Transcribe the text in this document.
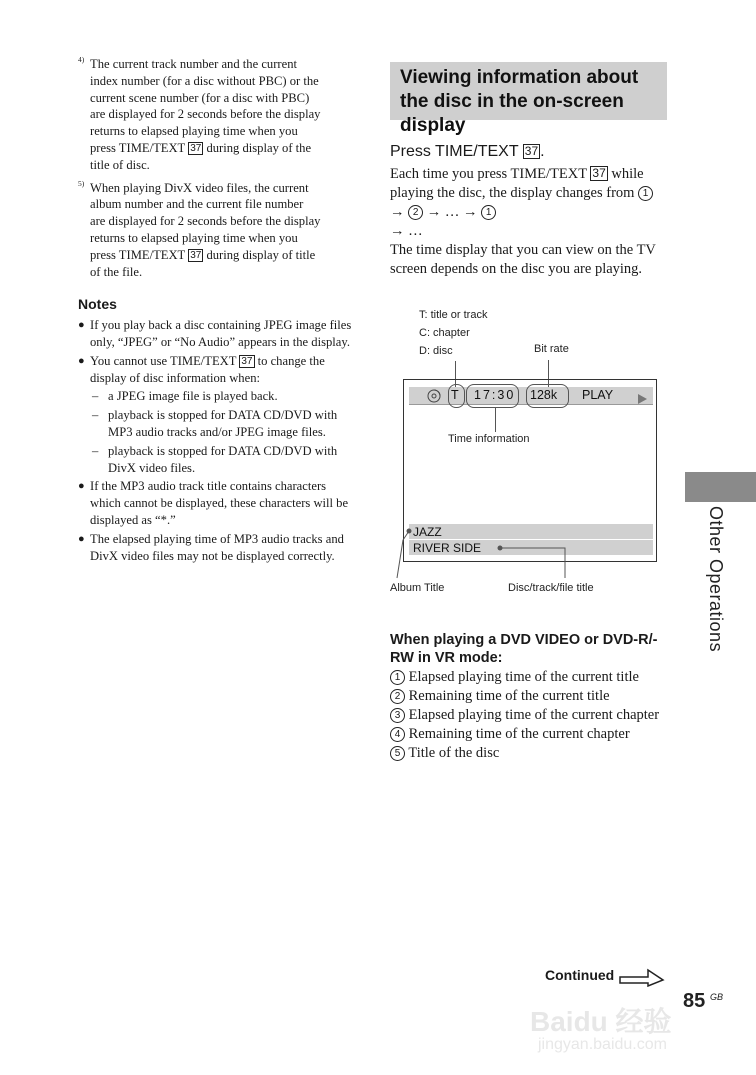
4) The current track number and the current
index number (for a disc without PBC) or the
current scene number (for a disc with PBC)
are displayed for 2 seconds before the display
returns to elapsed playing time when you
press TIME/TEXT 37 during display of the
title of disc.
5) When playing DivX video files, the current
album number and the current file number
are displayed for 2 seconds before the display
returns to elapsed playing time when you
press TIME/TEXT 37 during display of title
of the file.
Notes
● If you play back a disc containing JPEG image files only, “JPEG” or “No Audio” appears in the display.
● You cannot use TIME/TEXT 37 to change the display of disc information when:
– a JPEG image file is played back.
– playback is stopped for DATA CD/DVD with MP3 audio tracks and/or JPEG image files.
– playback is stopped for DATA CD/DVD with DivX video files.
● If the MP3 audio track title contains characters which cannot be displayed, these characters will be displayed as “*.”
● The elapsed playing time of MP3 audio tracks and DivX video files may not be displayed correctly.
Viewing information about the disc in the on-screen display
Press TIME/TEXT 37 .

Each time you press TIME/TEXT 37 while playing the disc, the display changes from 1 → 2 → … → 1
→ …

The time display that you can view on the TV screen depends on the disc you are playing.

T: title or track
C: chapter
D: disc	Bit rate
T 17:30 128k PLAY
Time information
JAZZ
RIVER SIDE
Album Title	Disc/track/file title
When playing a DVD VIDEO or DVD-R/-RW in VR mode:
1 Elapsed playing time of the current title
2 Remaining time of the current title
3 Elapsed playing time of the current chapter
4 Remaining time of the current chapter
5 Title of the disc
Other Operations
Continued
85 GB
Baidu 经验
jingyan.baidu.com
